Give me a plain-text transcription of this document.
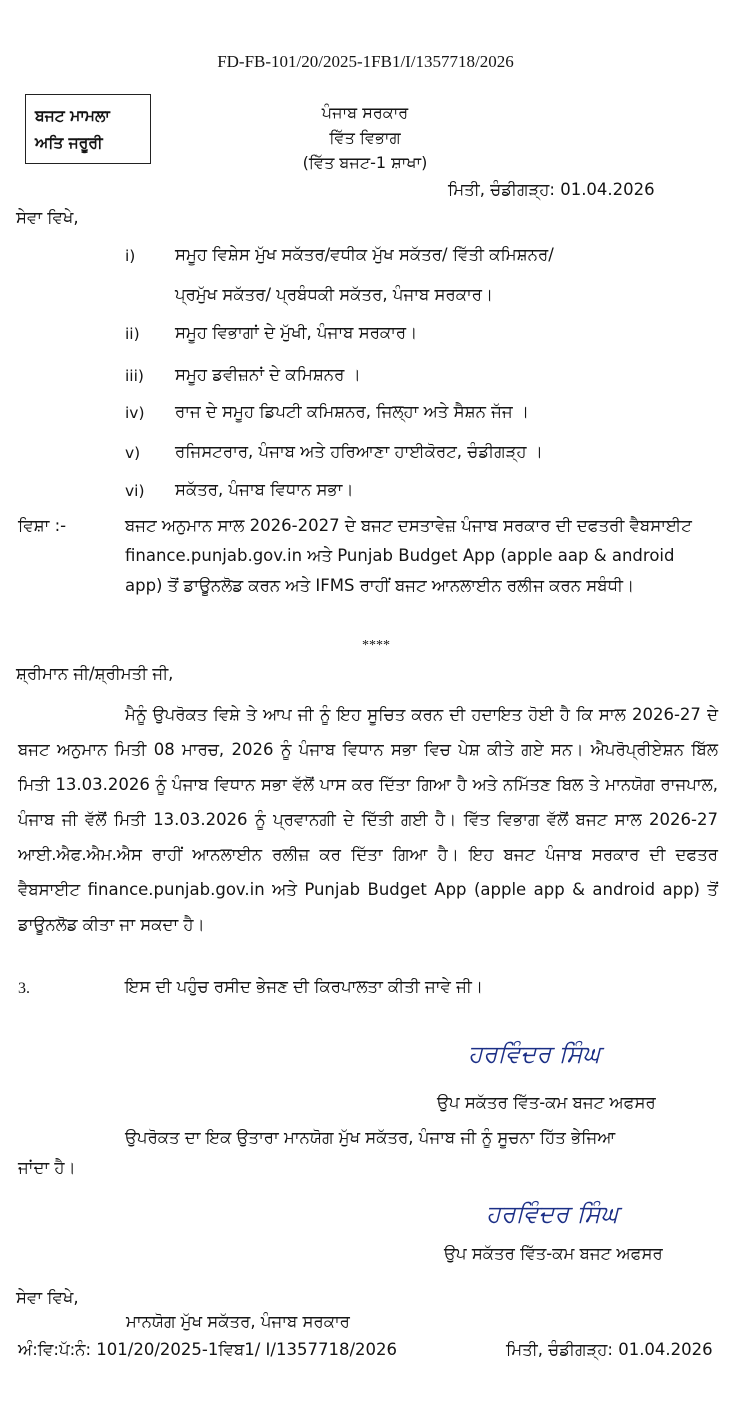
FD-FB-101/20/2025-1FB1/I/1357718/2026
ਬਜਟ ਮਾਮਲਾ
ਅਤਿ ਜਰੂਰੀ
ਪੰਜਾਬ ਸਰਕਾਰ
ਵਿੱਤ ਵਿਭਾਗ
(ਵਿੱਤ ਬਜਟ-1 ਸ਼ਾਖਾ)
ਮਿਤੀ, ਚੰਡੀਗੜ੍ਹ: 01.04.2026
ਸੇਵਾ ਵਿਖੇ,
i) ਸਮੂਹ ਵਿਸ਼ੇਸ ਮੁੱਖ ਸਕੱਤਰ/ਵਧੀਕ ਮੁੱਖ ਸਕੱਤਰ/ ਵਿੱਤੀ ਕਮਿਸ਼ਨਰ/
ਪ੍ਰਮੁੱਖ ਸਕੱਤਰ/ ਪ੍ਰਬੰਧਕੀ ਸਕੱਤਰ, ਪੰਜਾਬ ਸਰਕਾਰ।
ii) ਸਮੂਹ ਵਿਭਾਗਾਂ ਦੇ ਮੁੱਖੀ, ਪੰਜਾਬ ਸਰਕਾਰ।
iii) ਸਮੂਹ ਡਵੀਜ਼ਨਾਂ ਦੇ ਕਮਿਸ਼ਨਰ ।
iv) ਰਾਜ ਦੇ ਸਮੂਹ ਡਿਪਟੀ ਕਮਿਸ਼ਨਰ, ਜਿਲ੍ਹਾ ਅਤੇ ਸੈਸ਼ਨ ਜੱਜ ।
v) ਰਜਿਸਟਰਾਰ, ਪੰਜਾਬ ਅਤੇ ਹਰਿਆਣਾ ਹਾਈਕੋਰਟ, ਚੰਡੀਗੜ੍ਹ ।
vi) ਸਕੱਤਰ, ਪੰਜਾਬ ਵਿਧਾਨ ਸਭਾ।
ਵਿਸ਼ਾ :-	ਬਜਟ ਅਨੁਮਾਨ ਸਾਲ 2026-2027 ਦੇ ਬਜਟ ਦਸਤਾਵੇਜ਼ ਪੰਜਾਬ ਸਰਕਾਰ ਦੀ ਦਫਤਰੀ ਵੈਬਸਾਈਟ finance.punjab.gov.in ਅਤੇ Punjab Budget App (apple aap & android app) ਤੋਂ ਡਾਊਨਲੋਡ ਕਰਨ ਅਤੇ IFMS ਰਾਹੀਂ ਬਜਟ ਆਨਲਾਈਨ ਰਲੀਜ ਕਰਨ ਸਬੰਧੀ।
****
ਸ਼੍ਰੀਮਾਨ ਜੀ/ਸ਼੍ਰੀਮਤੀ ਜੀ,
ਮੈਨੂੰ ਉਪਰੋਕਤ ਵਿਸ਼ੇ ਤੇ ਆਪ ਜੀ ਨੂੰ ਇਹ ਸੂਚਿਤ ਕਰਨ ਦੀ ਹਦਾਇਤ ਹੋਈ ਹੈ ਕਿ ਸਾਲ 2026-27 ਦੇ ਬਜਟ ਅਨੁਮਾਨ ਮਿਤੀ 08 ਮਾਰਚ, 2026 ਨੂੰ ਪੰਜਾਬ ਵਿਧਾਨ ਸਭਾ ਵਿਚ ਪੇਸ਼ ਕੀਤੇ ਗਏ ਸਨ। ਐਪਰੋਪ੍ਰੀਏਸ਼ਨ ਬਿੱਲ ਮਿਤੀ 13.03.2026 ਨੂੰ ਪੰਜਾਬ ਵਿਧਾਨ ਸਭਾ ਵੱਲੋਂ ਪਾਸ ਕਰ ਦਿੱਤਾ ਗਿਆ ਹੈ ਅਤੇ ਨਮਿੱਤਣ ਬਿਲ ਤੇ ਮਾਨਯੋਗ ਰਾਜਪਾਲ, ਪੰਜਾਬ ਜੀ ਵੱਲੋਂ ਮਿਤੀ 13.03.2026 ਨੂੰ ਪ੍ਰਵਾਨਗੀ ਦੇ ਦਿੱਤੀ ਗਈ ਹੈ। ਵਿੱਤ ਵਿਭਾਗ ਵੱਲੋਂ ਬਜਟ ਸਾਲ 2026-27 ਆਈ.ਐਫ.ਐਮ.ਐਸ ਰਾਹੀਂ ਆਨਲਾਈਨ ਰਲੀਜ਼ ਕਰ ਦਿੱਤਾ ਗਿਆ ਹੈ। ਇਹ ਬਜਟ ਪੰਜਾਬ ਸਰਕਾਰ ਦੀ ਦਫਤਰ ਵੈਬਸਾਈਟ finance.punjab.gov.in ਅਤੇ Punjab Budget App (apple app & android app) ਤੋਂ ਡਾਊਨਲੋਡ ਕੀਤਾ ਜਾ ਸਕਦਾ ਹੈ।
3.	ਇਸ ਦੀ ਪਹੁੰਚ ਰਸੀਦ ਭੇਜਣ ਦੀ ਕਿਰਪਾਲਤਾ ਕੀਤੀ ਜਾਵੇ ਜੀ।
ਹਰਵਿੰਦਰ ਸਿੰਘ
ਉਪ ਸਕੱਤਰ ਵਿੱਤ-ਕਮ ਬਜਟ ਅਫਸਰ
ਉਪਰੋਕਤ ਦਾ ਇਕ ਉਤਾਰਾ ਮਾਨਯੋਗ ਮੁੱਖ ਸਕੱਤਰ, ਪੰਜਾਬ ਜੀ ਨੂੰ ਸੂਚਨਾ ਹਿੱਤ ਭੇਜਿਆ
ਜਾਂਦਾ ਹੈ।
ਹਰਵਿੰਦਰ ਸਿੰਘ
ਉਪ ਸਕੱਤਰ ਵਿੱਤ-ਕਮ ਬਜਟ ਅਫਸਰ
ਸੇਵਾ ਵਿਖੇ,
ਮਾਨਯੋਗ ਮੁੱਖ ਸਕੱਤਰ, ਪੰਜਾਬ ਸਰਕਾਰ
ਅੰ:ਵਿ:ਪੱ:ਨੰ: 101/20/2025-1ਵਿਬ1/ I/1357718/2026	ਮਿਤੀ, ਚੰਡੀਗੜ੍ਹ: 01.04.2026
